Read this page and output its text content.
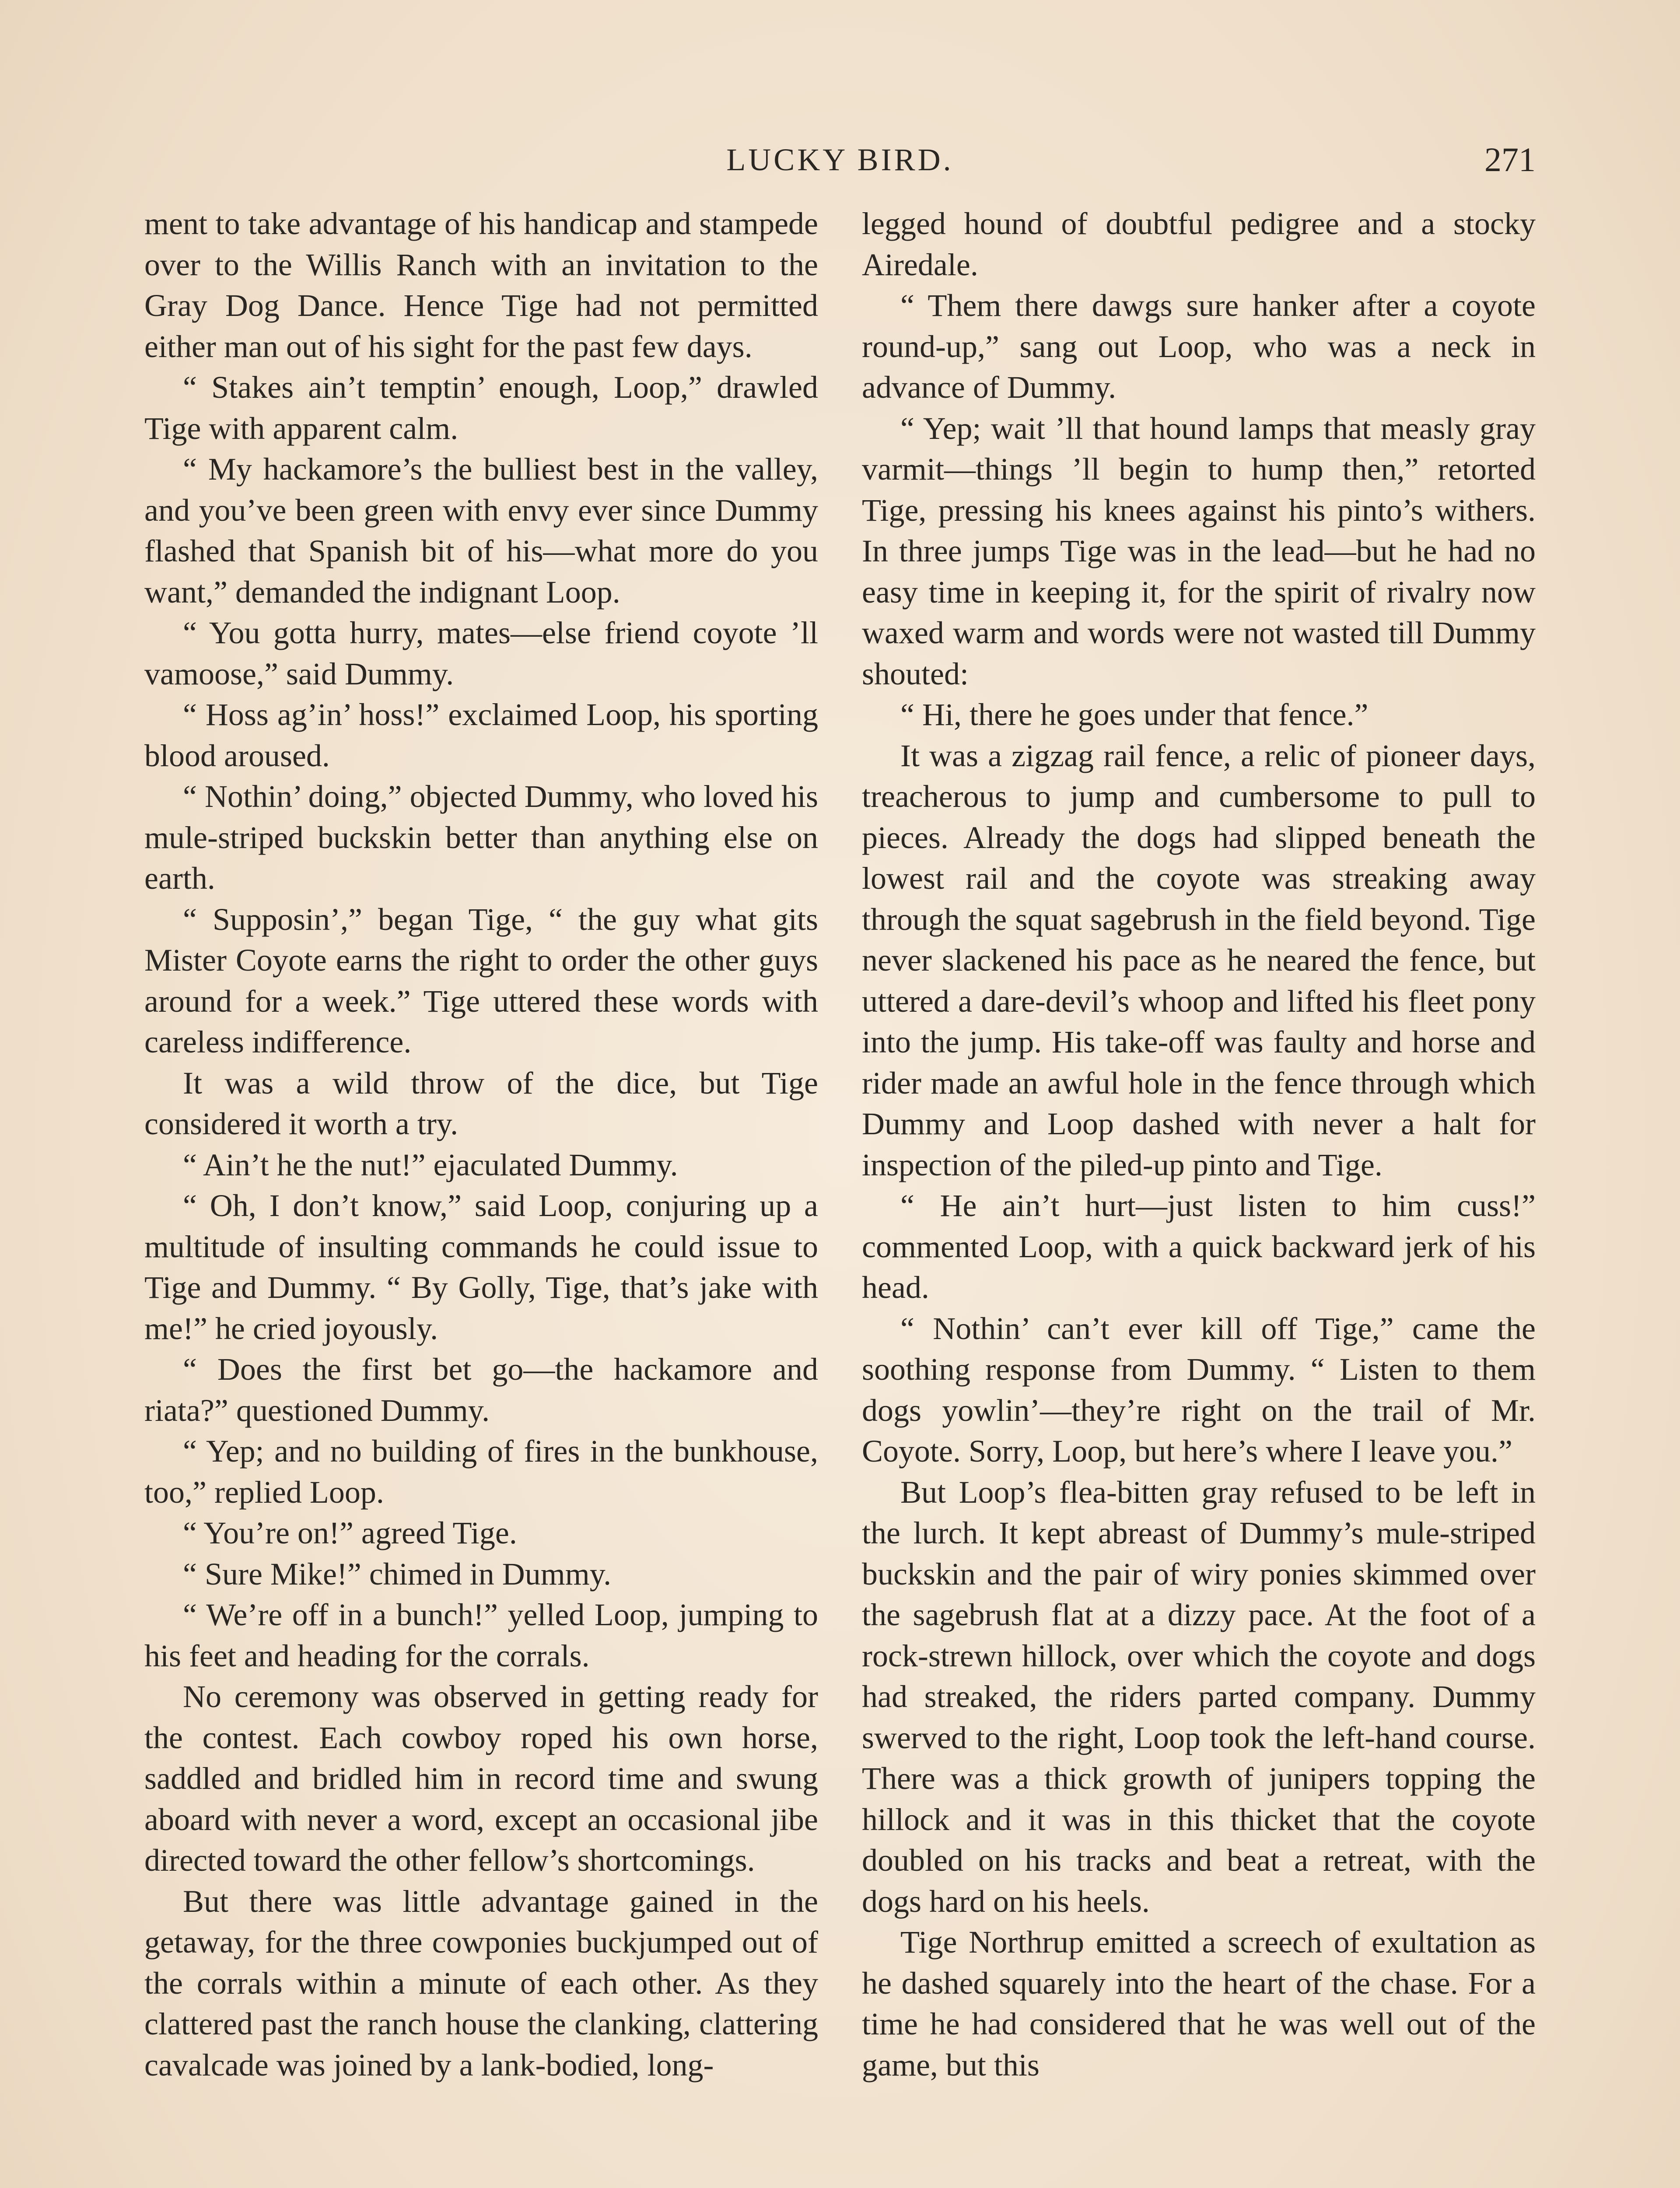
LUCKY BIRD.	271

ment to take advantage of his handicap and stampede over to the Willis Ranch with an invitation to the Gray Dog Dance. Hence Tige had not permitted either man out of his sight for the past few days.

“ Stakes ain’t temptin’ enough, Loop,” drawled Tige with apparent calm.

“ My hackamore’s the bulliest best in the valley, and you’ve been green with envy ever since Dummy flashed that Spanish bit of his—what more do you want,” demanded the indignant Loop.

“ You gotta hurry, mates—else friend coyote ’ll vamoose,” said Dummy.

“ Hoss ag’in’ hoss!” exclaimed Loop, his sporting blood aroused.

“ Nothin’ doing,” objected Dummy, who loved his mule-striped buckskin better than anything else on earth.

“ Supposin’,” began Tige, “ the guy what gits Mister Coyote earns the right to order the other guys around for a week.” Tige uttered these words with careless indifference.

It was a wild throw of the dice, but Tige considered it worth a try.

“ Ain’t he the nut!” ejaculated Dummy.

“ Oh, I don’t know,” said Loop, conjuring up a multitude of insulting commands he could issue to Tige and Dummy. “ By Golly, Tige, that’s jake with me!” he cried joyously.

“ Does the first bet go—the hackamore and riata?” questioned Dummy.

“ Yep; and no building of fires in the bunkhouse, too,” replied Loop.

“ You’re on!” agreed Tige.

“ Sure Mike!” chimed in Dummy.

“ We’re off in a bunch!” yelled Loop, jumping to his feet and heading for the corrals.

No ceremony was observed in getting ready for the contest. Each cowboy roped his own horse, saddled and bridled him in record time and swung aboard with never a word, except an occasional jibe directed toward the other fellow’s shortcomings.

But there was little advantage gained in the getaway, for the three cowponies buckjumped out of the corrals within a minute of each other. As they clattered past the ranch house the clanking, clattering cavalcade was joined by a lank-bodied, long-

legged hound of doubtful pedigree and a stocky Airedale.

“ Them there dawgs sure hanker after a coyote round-up,” sang out Loop, who was a neck in advance of Dummy.

“ Yep; wait ’ll that hound lamps that measly gray varmit—things ’ll begin to hump then,” retorted Tige, pressing his knees against his pinto’s withers. In three jumps Tige was in the lead—but he had no easy time in keeping it, for the spirit of rivalry now waxed warm and words were not wasted till Dummy shouted:

“ Hi, there he goes under that fence.”

It was a zigzag rail fence, a relic of pioneer days, treacherous to jump and cumbersome to pull to pieces. Already the dogs had slipped beneath the lowest rail and the coyote was streaking away through the squat sagebrush in the field beyond. Tige never slackened his pace as he neared the fence, but uttered a dare-devil’s whoop and lifted his fleet pony into the jump. His take-off was faulty and horse and rider made an awful hole in the fence through which Dummy and Loop dashed with never a halt for inspection of the piled-up pinto and Tige.

“ He ain’t hurt—just listen to him cuss!” commented Loop, with a quick backward jerk of his head.

“ Nothin’ can’t ever kill off Tige,” came the soothing response from Dummy. “ Listen to them dogs yowlin’—they’re right on the trail of Mr. Coyote. Sorry, Loop, but here’s where I leave you.”

But Loop’s flea-bitten gray refused to be left in the lurch. It kept abreast of Dummy’s mule-striped buckskin and the pair of wiry ponies skimmed over the sagebrush flat at a dizzy pace. At the foot of a rock-strewn hillock, over which the coyote and dogs had streaked, the riders parted company. Dummy swerved to the right, Loop took the left-hand course. There was a thick growth of junipers topping the hillock and it was in this thicket that the coyote doubled on his tracks and beat a retreat, with the dogs hard on his heels.

Tige Northrup emitted a screech of exultation as he dashed squarely into the heart of the chase. For a time he had considered that he was well out of the game, but this
